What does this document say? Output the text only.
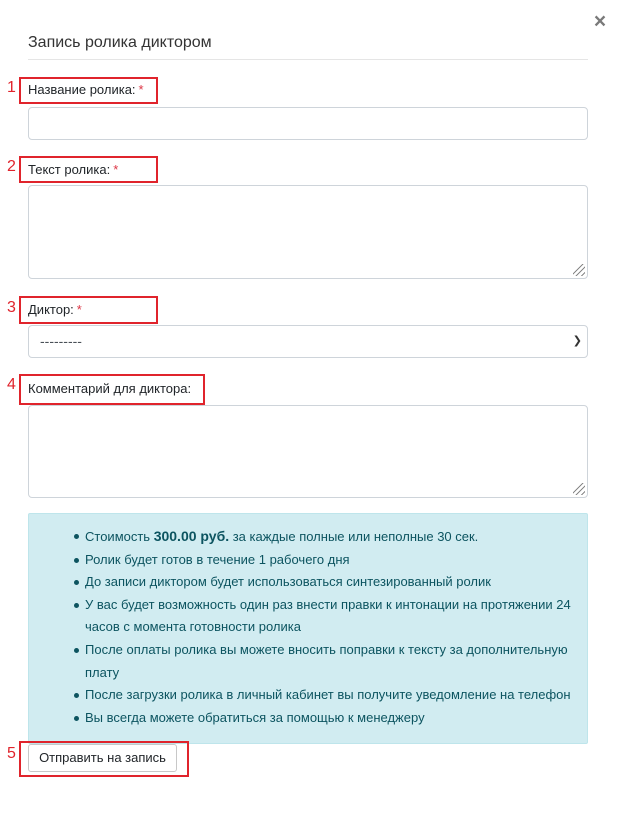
×
Запись ролика диктором
Название ролика: *
Текст ролика: *
Диктор: *
---------	❯
Комментарий для диктора:
Стоимость 300.00 руб. за каждые полные или неполные 30 сек.
Ролик будет готов в течение 1 рабочего дня
До записи диктором будет использоваться синтезированный ролик
У вас будет возможность один раз внести правки к интонации на протяжении 24 часов с момента готовности ролика
После оплаты ролика вы можете вносить поправки к тексту за дополнительную плату
После загрузки ролика в личный кабинет вы получите уведомление на телефон
Вы всегда можете обратиться за помощью к менеджеру
Отправить на запись
1
2
3
4
5
